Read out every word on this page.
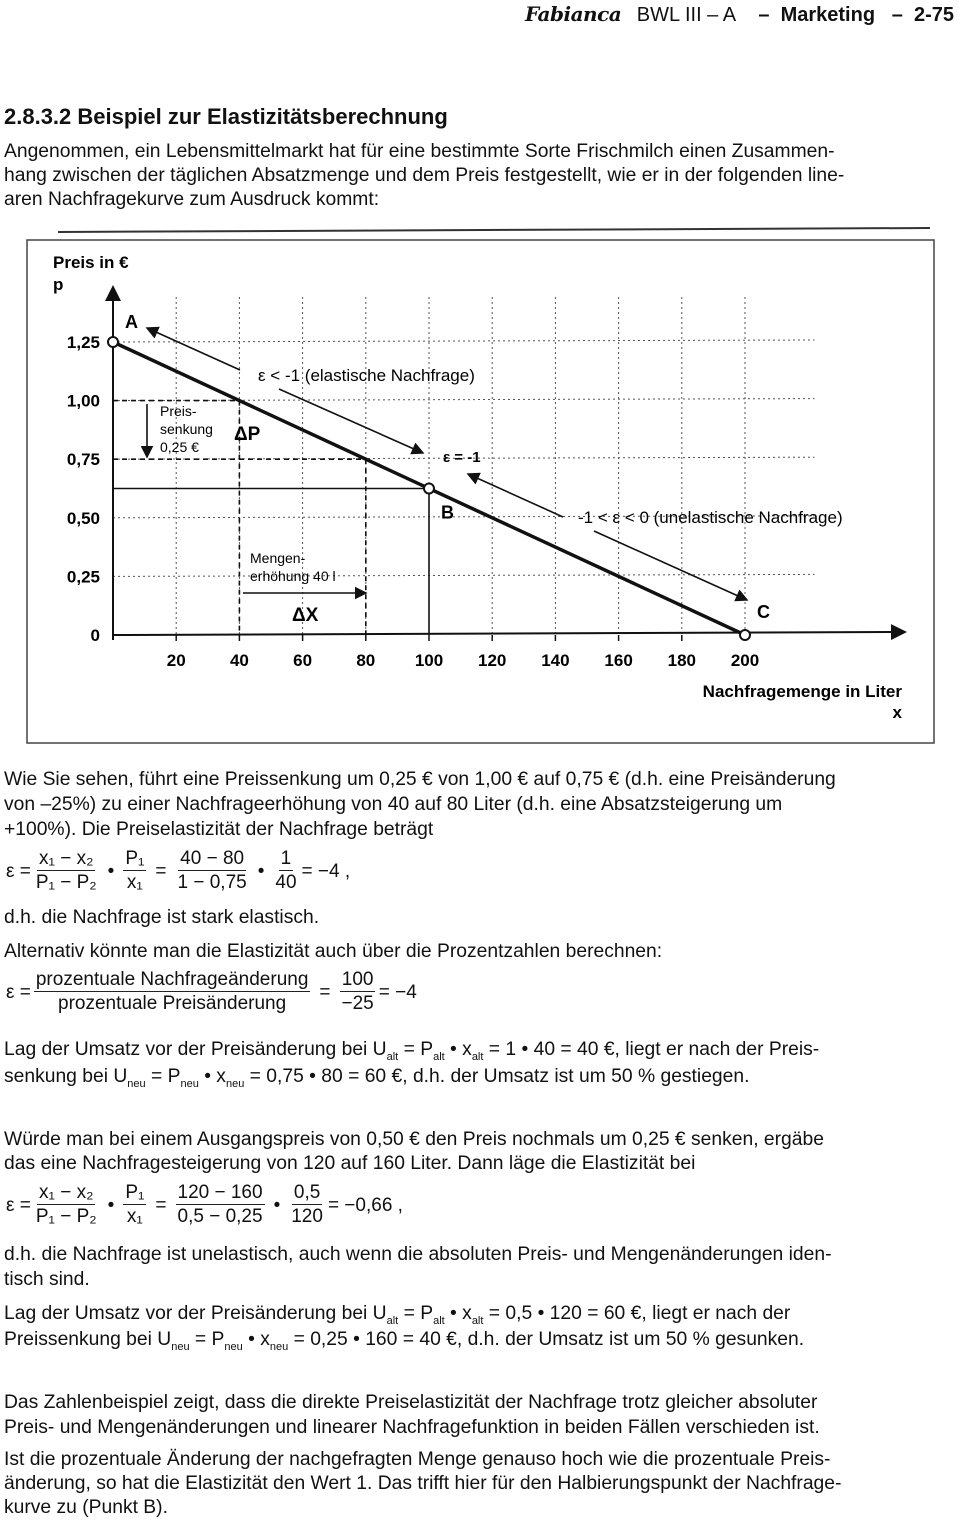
Fabianca BWL III – A – Marketing – 2-75
2.8.3.2 Beispiel zur Elastizitätsberechnung
Angenommen, ein Lebensmittelmarkt hat für eine bestimmte Sorte Frischmilch einen Zusammen-
hang zwischen der täglichen Absatzmenge und dem Preis festgestellt, wie er in der folgenden line-
aren Nachfragekurve zum Ausdruck kommt:
20	40	60	80 100 120 140 160 180 200
0
0,25
0,50
0,75
1,00
1,25
A
B
C
Preis in €
p
Nachfragemenge in Liter
x
ε < -1 (elastische Nachfrage)
ε = -1
-1 < ε < 0 (unelastische Nachfrage)
Preis-
senkung
0,25 €
ΔP
Mengen-
erhöhung 40 l
ΔX
Wie Sie sehen, führt eine Preissenkung um 0,25 € von 1,00 € auf 0,75 € (d.h. eine Preisänderung
von –25%) zu einer Nachfrageerhöhung von 40 auf 80 Liter (d.h. eine Absatzsteigerung um
+100%). Die Preiselastizität der Nachfrage beträgt
$\varepsilon = \frac{\text{x₁ − x₂}}{\text{P₁ − P₂}}$ • $\frac{\text{P₁}}{\text{x₁}} = \frac{40 - 80}{1 - 0,75}$ • $\frac{1}{40} = -4$ ,
d.h. die Nachfrage ist stark elastisch.
Alternativ könnte man die Elastizität auch über die Prozentzahlen berechnen:
$\varepsilon = \frac{\text{prozentuale Nachfrageänderung}}{\text{prozentuale Preisänderung}} = \frac{100}{-25} = -4$
Lag der Umsatz vor der Preisänderung bei $U_{alt} = P_{alt}$ • $x_{alt} = 1$ • 40 = 40 €, liegt er nach der Preis-
senkung bei $U_{neu} = P_{neu}$ • $x_{neu} = 0,75$ • 80 = 60 €, d.h. der Umsatz ist um 50 % gestiegen.
Würde man bei einem Ausgangspreis von 0,50 € den Preis nochmals um 0,25 € senken, ergäbe
das eine Nachfragesteigerung von 120 auf 160 Liter. Dann läge die Elastizität bei
$\varepsilon = \frac{\text{x₁ − x₂}}{\text{P₁ − P₂}}$ • $\frac{\text{P₁}}{\text{x₁}} = \frac{120 - 160}{0,5 - 0,25}$ • $\frac{0,5}{120} = -0,66$ ,
d.h. die Nachfrage ist unelastisch, auch wenn die absoluten Preis- und Mengenänderungen iden-
tisch sind.
Lag der Umsatz vor der Preisänderung bei $U_{alt} = P_{alt}$ • $x_{alt} = 0,5$ • 120 = 60 €, liegt er nach der
Preissenkung bei $U_{neu} = P_{neu}$ • $x_{neu} = 0,25$ • 160 = 40 €, d.h. der Umsatz ist um 50 % gesunken.
Das Zahlenbeispiel zeigt, dass die direkte Preiselastizität der Nachfrage trotz gleicher absoluter
Preis- und Mengenänderungen und linearer Nachfragefunktion in beiden Fällen verschieden ist.
Ist die prozentuale Änderung der nachgefragten Menge genauso hoch wie die prozentuale Preis-
änderung, so hat die Elastizität den Wert 1. Das trifft hier für den Halbierungspunkt der Nachfrage-
kurve zu (Punkt B).
